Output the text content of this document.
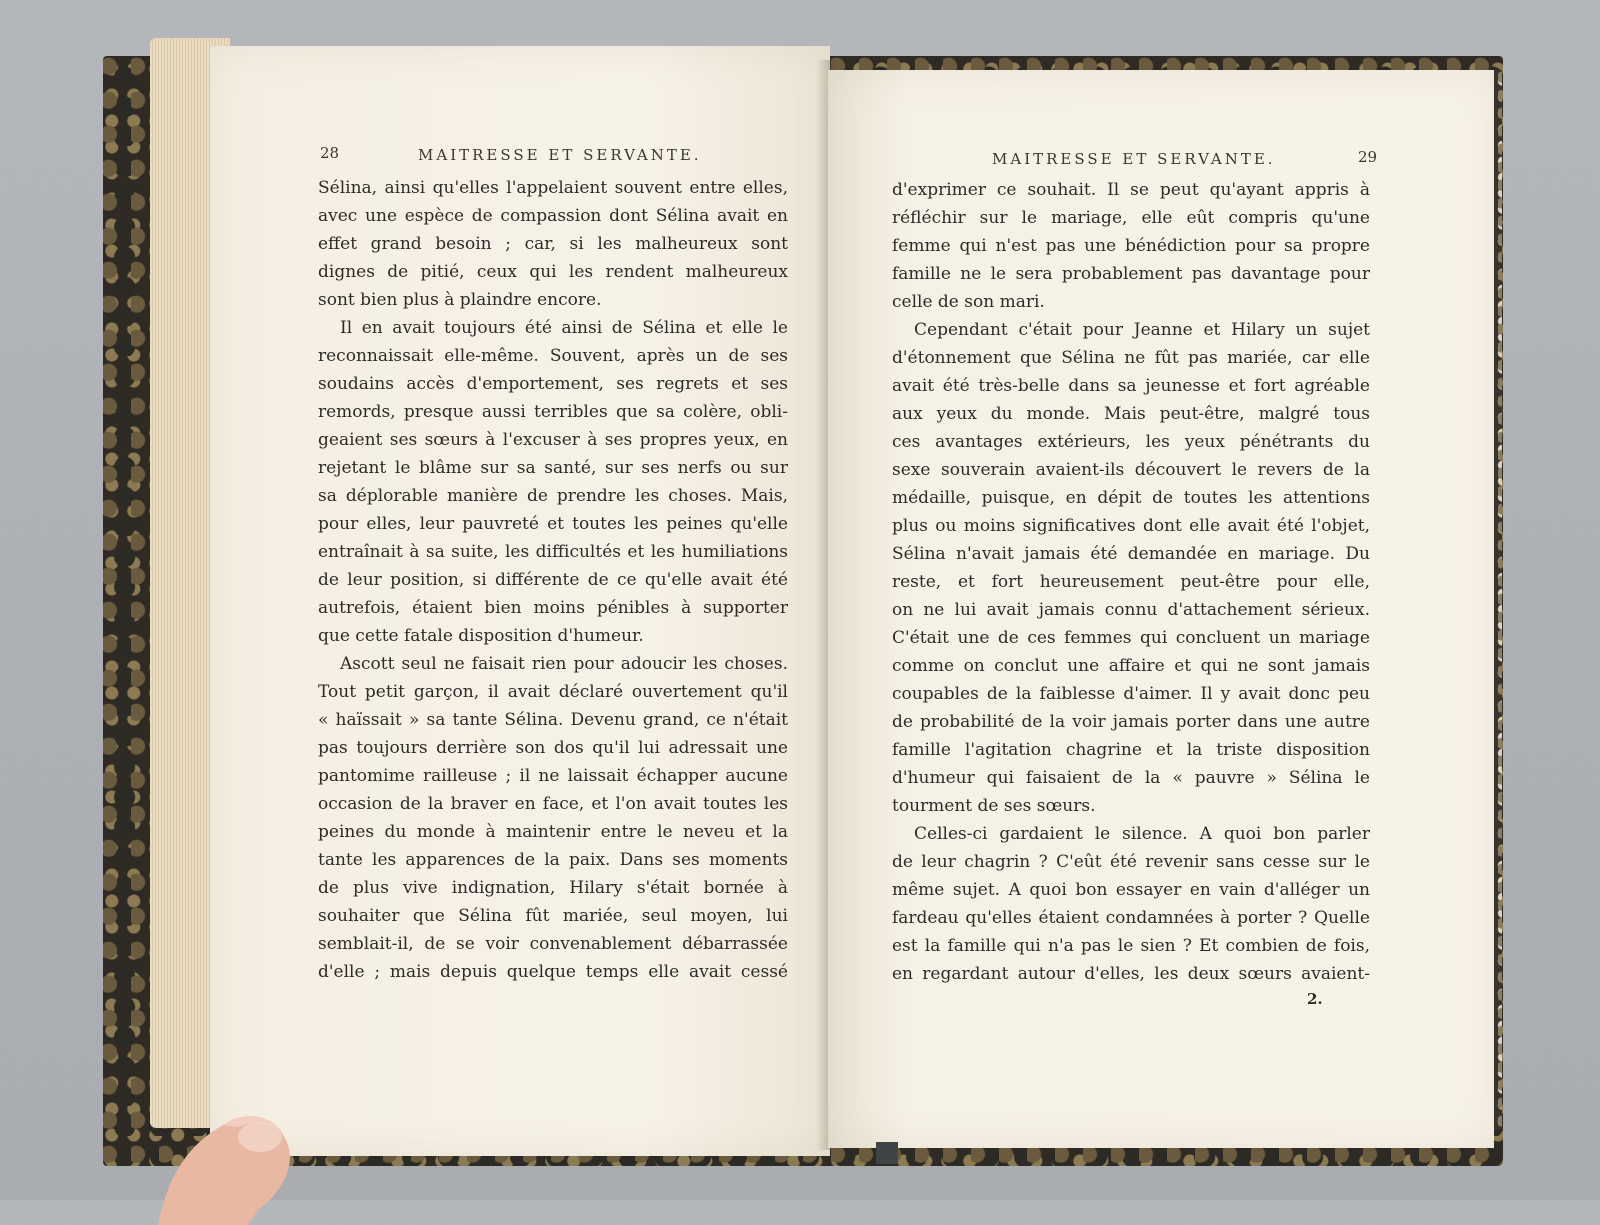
28	MAITRESSE ET SERVANTE.
Sélina, ainsi qu'elles l'appelaient souvent entre elles,
avec une espèce de compassion dont Sélina avait en
effet grand besoin ; car, si les malheureux sont
dignes de pitié, ceux qui les rendent malheureux
sont bien plus à plaindre encore.
Il en avait toujours été ainsi de Sélina et elle le
reconnaissait elle-même. Souvent, après un de ses
soudains accès d'emportement, ses regrets et ses
remords, presque aussi terribles que sa colère, obli-
geaient ses sœurs à l'excuser à ses propres yeux, en
rejetant le blâme sur sa santé, sur ses nerfs ou sur
sa déplorable manière de prendre les choses. Mais,
pour elles, leur pauvreté et toutes les peines qu'elle
entraînait à sa suite, les difficultés et les humiliations
de leur position, si différente de ce qu'elle avait été
autrefois, étaient bien moins pénibles à supporter
que cette fatale disposition d'humeur.
Ascott seul ne faisait rien pour adoucir les choses.
Tout petit garçon, il avait déclaré ouvertement qu'il
« haïssait » sa tante Sélina. Devenu grand, ce n'était
pas toujours derrière son dos qu'il lui adressait une
pantomime railleuse ; il ne laissait échapper aucune
occasion de la braver en face, et l'on avait toutes les
peines du monde à maintenir entre le neveu et la
tante les apparences de la paix. Dans ses moments
de plus vive indignation, Hilary s'était bornée à
souhaiter que Sélina fût mariée, seul moyen, lui
semblait-il, de se voir convenablement débarrassée
d'elle ; mais depuis quelque temps elle avait cessé
MAITRESSE ET SERVANTE.	29
d'exprimer ce souhait. Il se peut qu'ayant appris à
réfléchir sur le mariage, elle eût compris qu'une
femme qui n'est pas une bénédiction pour sa propre
famille ne le sera probablement pas davantage pour
celle de son mari.
Cependant c'était pour Jeanne et Hilary un sujet
d'étonnement que Sélina ne fût pas mariée, car elle
avait été très-belle dans sa jeunesse et fort agréable
aux yeux du monde. Mais peut-être, malgré tous
ces avantages extérieurs, les yeux pénétrants du
sexe souverain avaient-ils découvert le revers de la
médaille, puisque, en dépit de toutes les attentions
plus ou moins significatives dont elle avait été l'objet,
Sélina n'avait jamais été demandée en mariage. Du
reste, et fort heureusement peut-être pour elle,
on ne lui avait jamais connu d'attachement sérieux.
C'était une de ces femmes qui concluent un mariage
comme on conclut une affaire et qui ne sont jamais
coupables de la faiblesse d'aimer. Il y avait donc peu
de probabilité de la voir jamais porter dans une autre
famille l'agitation chagrine et la triste disposition
d'humeur qui faisaient de la « pauvre » Sélina le
tourment de ses sœurs.
Celles-ci gardaient le silence. A quoi bon parler
de leur chagrin ? C'eût été revenir sans cesse sur le
même sujet. A quoi bon essayer en vain d'alléger un
fardeau qu'elles étaient condamnées à porter ? Quelle
est la famille qui n'a pas le sien ? Et combien de fois,
en regardant autour d'elles, les deux sœurs avaient-
2.
